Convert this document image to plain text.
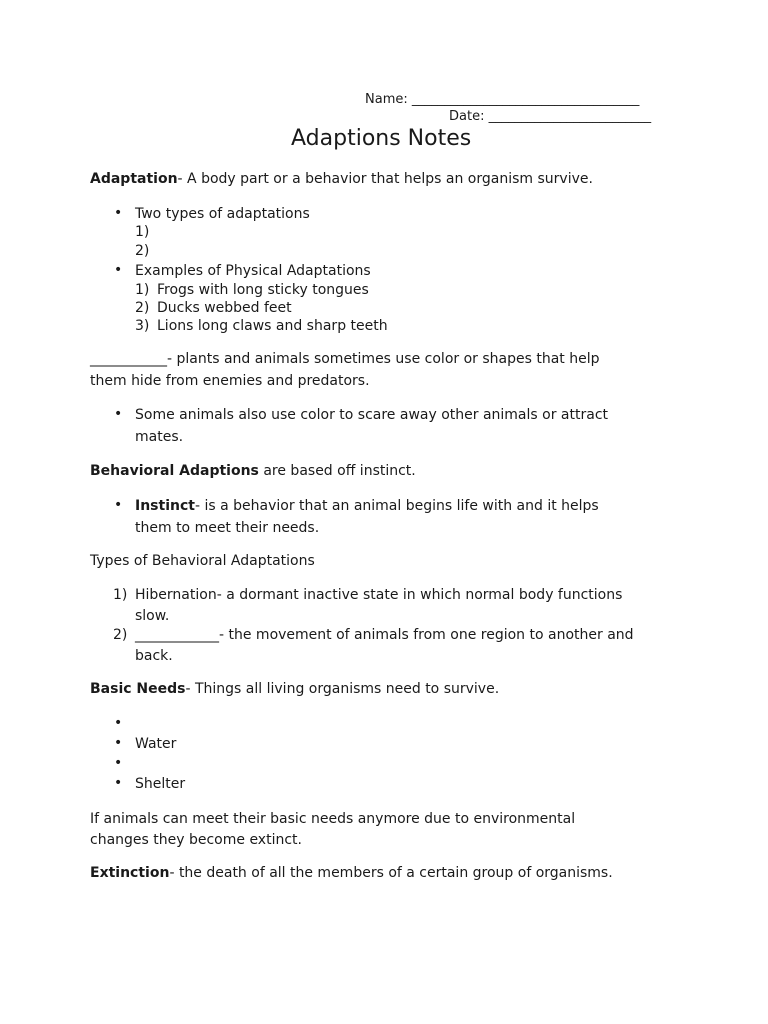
Name: ___________________________________
Date: _________________________
Adaptions Notes
Adaptation- A body part or a behavior that helps an organism survive.
• Two types of adaptations
1)
2)
• Examples of Physical Adaptations
1) Frogs with long sticky tongues
2) Ducks webbed feet
3) Lions long claws and sharp teeth
___________- plants and animals sometimes use color or shapes that help
them hide from enemies and predators.
• Some animals also use color to scare away other animals or attract
mates.
Behavioral Adaptions are based off instinct.
• Instinct- is a behavior that an animal begins life with and it helps
them to meet their needs.
Types of Behavioral Adaptations
1) Hibernation- a dormant inactive state in which normal body functions
slow.
2) ____________- the movement of animals from one region to another and
back.
Basic Needs- Things all living organisms need to survive.
•
• Water
•
• Shelter
If animals can meet their basic needs anymore due to environmental
changes they become extinct.
Extinction- the death of all the members of a certain group of organisms.
